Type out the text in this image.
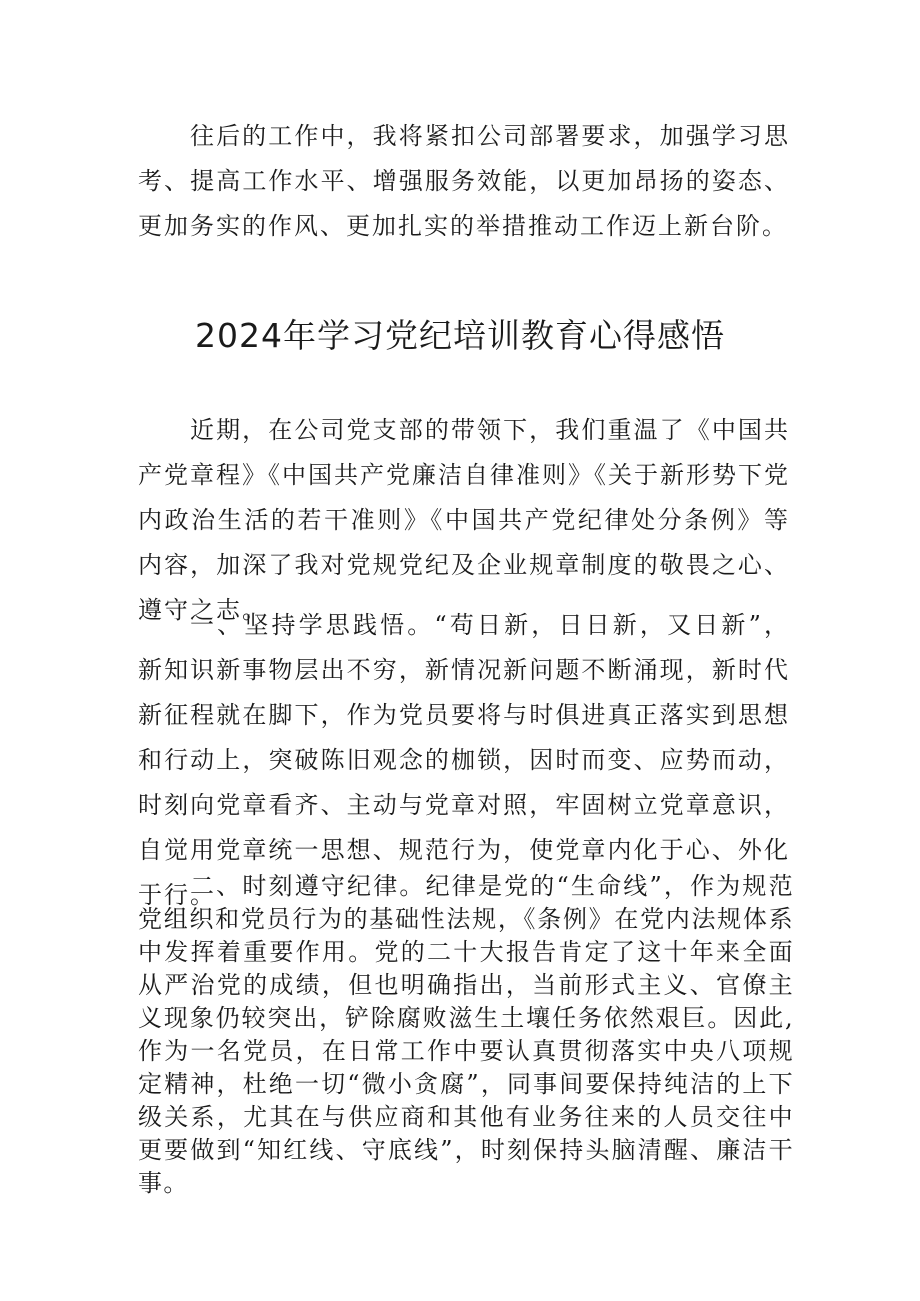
往后的工作中，我将紧扣公司部署要求，加强学习思考、提高工作水平、增强服务效能，以更加昂扬的姿态、更加务实的作风、更加扎实的举措推动工作迈上新台阶。

2024年学习党纪培训教育心得感悟

近期，在公司党支部的带领下，我们重温了《中国共产党章程》《中国共产党廉洁自律准则》《关于新形势下党内政治生活的若干准则》《中国共产党纪律处分条例》等内容，加深了我对党规党纪及企业规章制度的敬畏之心、遵守之志。

一、坚持学思践悟。“苟日新，日日新，又日新”，新知识新事物层出不穷，新情况新问题不断涌现，新时代新征程就在脚下，作为党员要将与时俱进真正落实到思想和行动上，突破陈旧观念的枷锁，因时而变、应势而动，时刻向党章看齐、主动与党章对照，牢固树立党章意识，自觉用党章统一思想、规范行为，使党章内化于心、外化于行。

二、时刻遵守纪律。纪律是党的“生命线”，作为规范党组织和党员行为的基础性法规，《条例》在党内法规体系中发挥着重要作用。党的二十大报告肯定了这十年来全面从严治党的成绩，但也明确指出，当前形式主义、官僚主义现象仍较突出，铲除腐败滋生土壤任务依然艰巨。因此,作为一名党员，在日常工作中要认真贯彻落实中央八项规定精神，杜绝一切“微小贪腐”，同事间要保持纯洁的上下级关系，尤其在与供应商和其他有业务往来的人员交往中更要做到“知红线、守底线”，时刻保持头脑清醒、廉洁干事。
